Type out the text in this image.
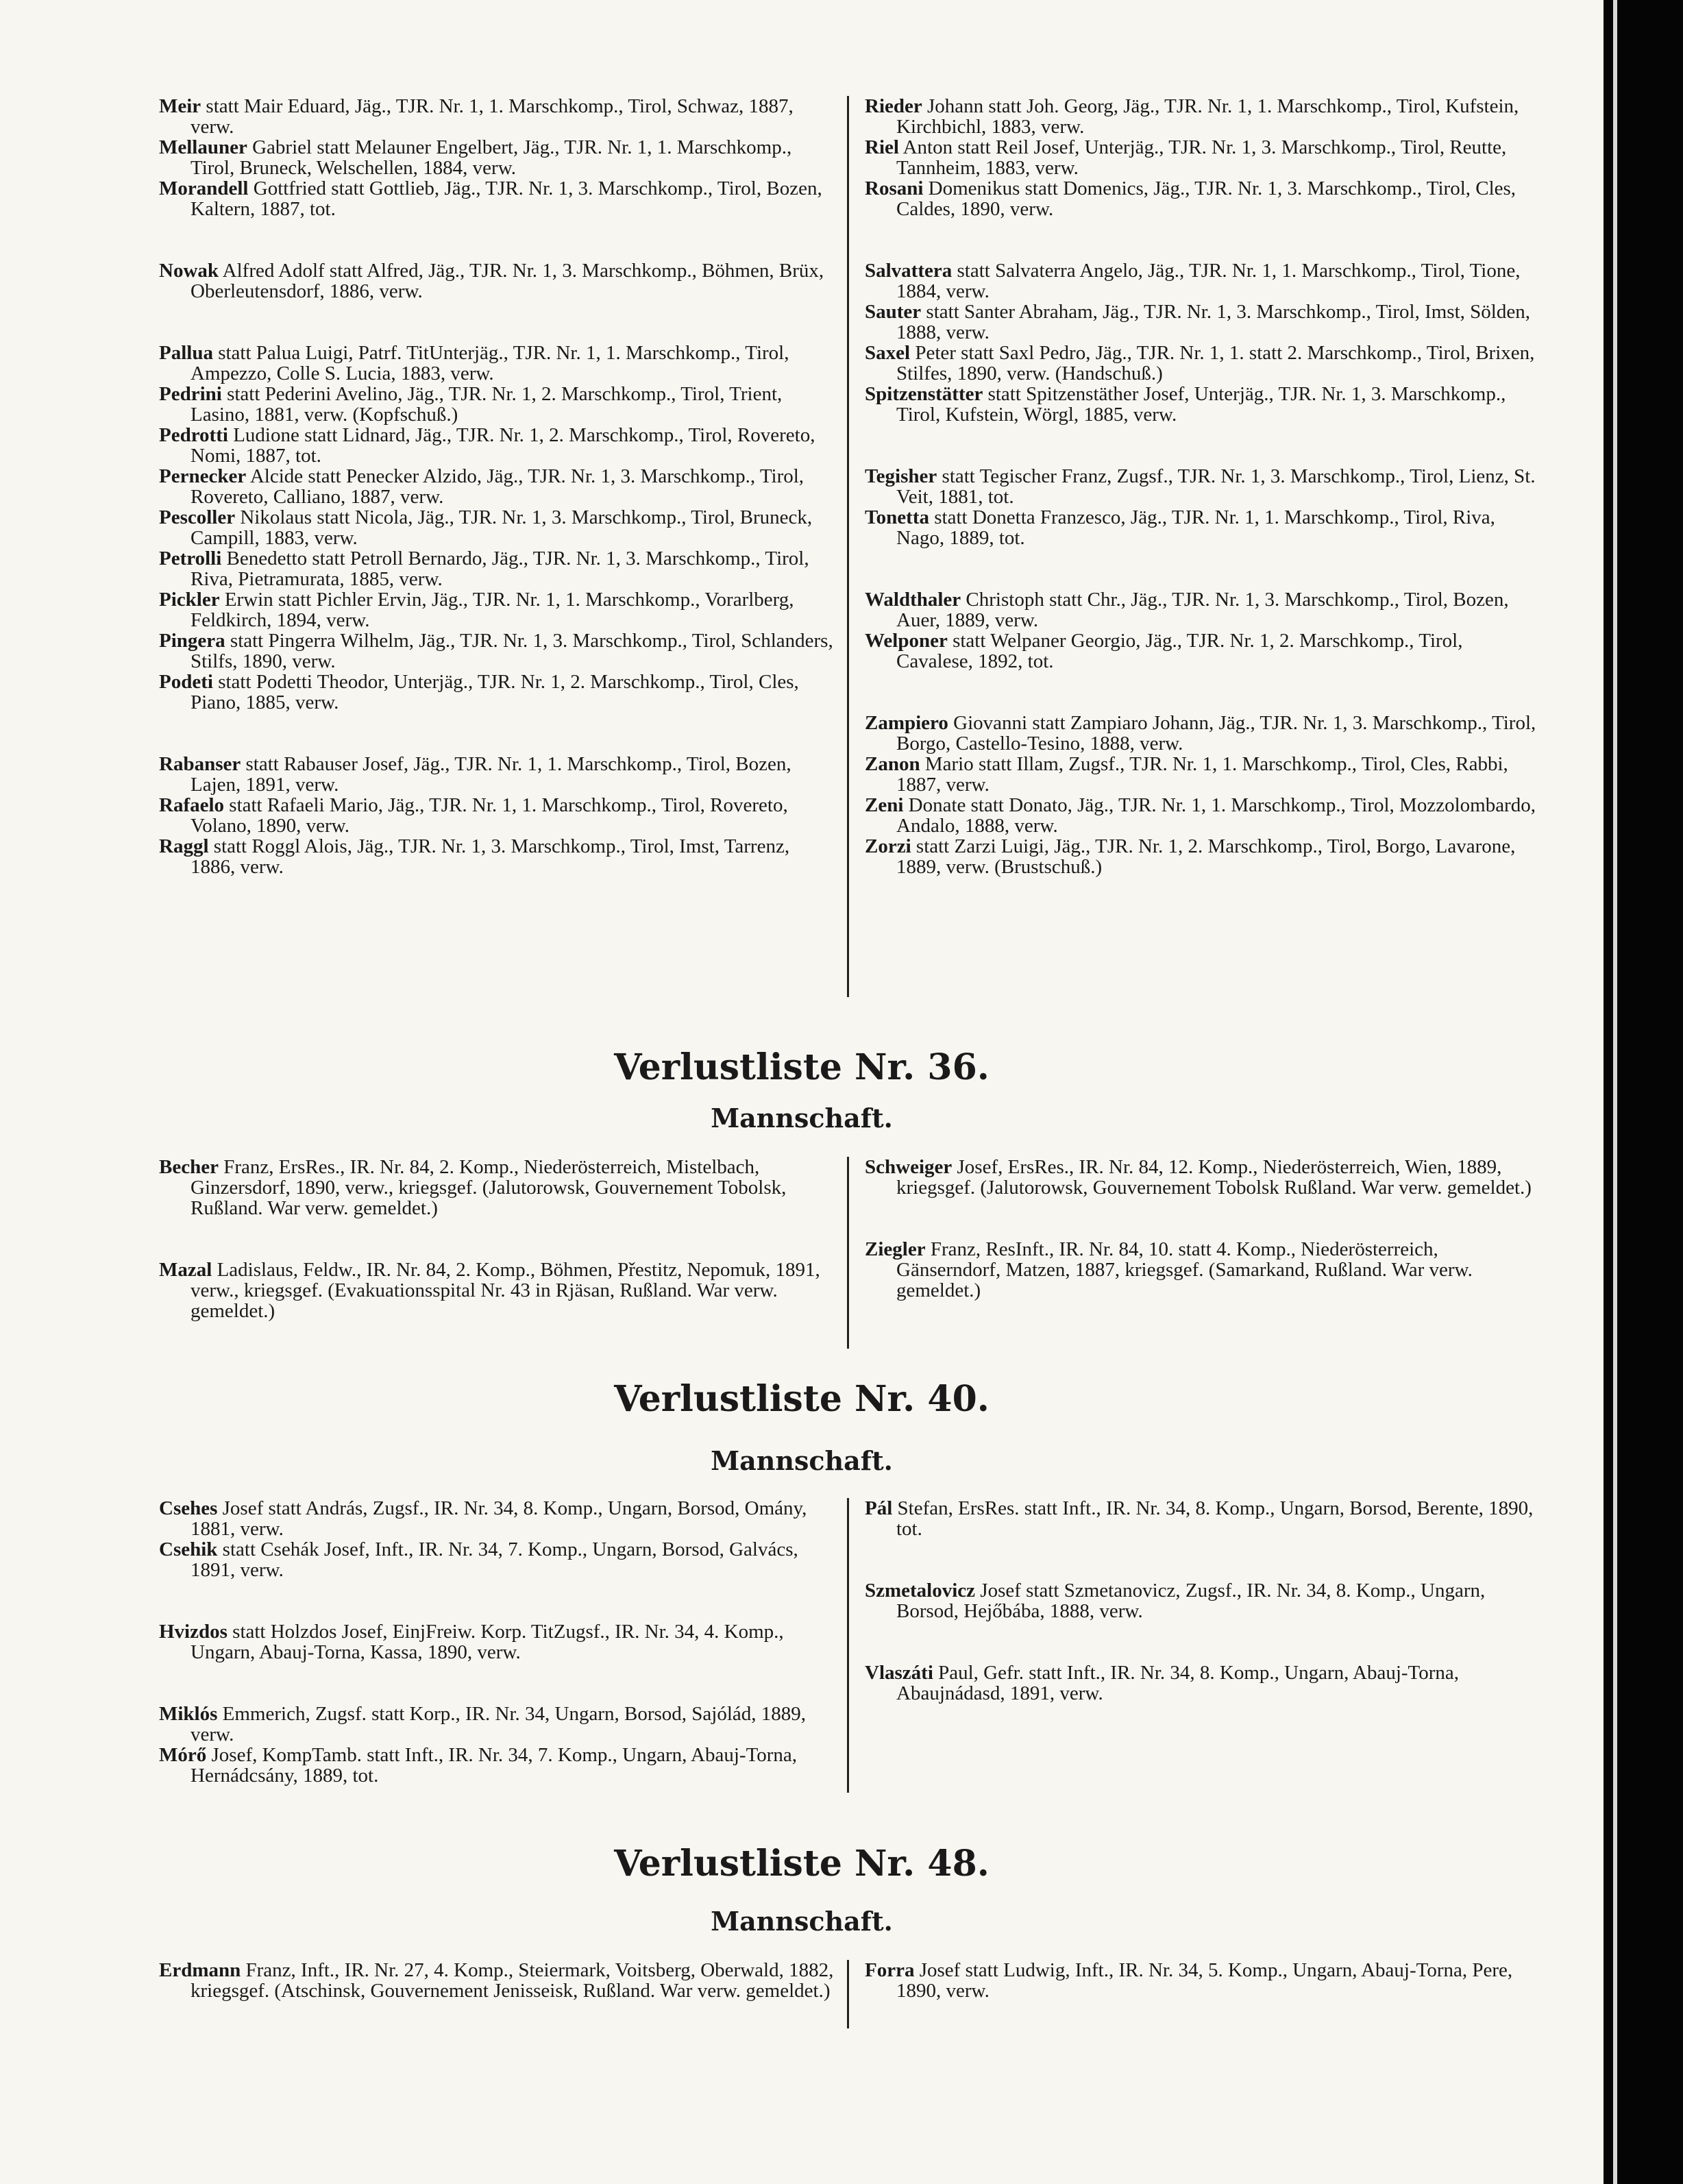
Meir statt Mair Eduard, Jäg., TJR. Nr. 1, 1. Marschkomp., Tirol, Schwaz, 1887, verw.

Mellauner Gabriel statt Melauner Engelbert, Jäg., TJR. Nr. 1, 1. Marschkomp., Tirol, Bruneck, Welschellen, 1884, verw.

Morandell Gottfried statt Gottlieb, Jäg., TJR. Nr. 1, 3. Marschkomp., Tirol, Bozen, Kaltern, 1887, tot.

Nowak Alfred Adolf statt Alfred, Jäg., TJR. Nr. 1, 3. Marschkomp., Böhmen, Brüx, Oberleutensdorf, 1886, verw.

Pallua statt Palua Luigi, Patrf. TitUnterjäg., TJR. Nr. 1, 1. Marschkomp., Tirol, Ampezzo, Colle S. Lucia, 1883, verw.

Pedrini statt Pederini Avelino, Jäg., TJR. Nr. 1, 2. Marschkomp., Tirol, Trient, Lasino, 1881, verw. (Kopfschuß.)

Pedrotti Ludione statt Lidnard, Jäg., TJR. Nr. 1, 2. Marschkomp., Tirol, Rovereto, Nomi, 1887, tot.

Pernecker Alcide statt Penecker Alzido, Jäg., TJR. Nr. 1, 3. Marschkomp., Tirol, Rovereto, Calliano, 1887, verw.

Pescoller Nikolaus statt Nicola, Jäg., TJR. Nr. 1, 3. Marschkomp., Tirol, Bruneck, Campill, 1883, verw.

Petrolli Benedetto statt Petroll Bernardo, Jäg., TJR. Nr. 1, 3. Marschkomp., Tirol, Riva, Pietramurata, 1885, verw.

Pickler Erwin statt Pichler Ervin, Jäg., TJR. Nr. 1, 1. Marschkomp., Vorarlberg, Feldkirch, 1894, verw.

Pingera statt Pingerra Wilhelm, Jäg., TJR. Nr. 1, 3. Marschkomp., Tirol, Schlanders, Stilfs, 1890, verw.

Podeti statt Podetti Theodor, Unterjäg., TJR. Nr. 1, 2. Marschkomp., Tirol, Cles, Piano, 1885, verw.

Rabanser statt Rabauser Josef, Jäg., TJR. Nr. 1, 1. Marschkomp., Tirol, Bozen, Lajen, 1891, verw.

Rafaelo statt Rafaeli Mario, Jäg., TJR. Nr. 1, 1. Marschkomp., Tirol, Rovereto, Volano, 1890, verw.

Raggl statt Roggl Alois, Jäg., TJR. Nr. 1, 3. Marschkomp., Tirol, Imst, Tarrenz, 1886, verw.

Rieder Johann statt Joh. Georg, Jäg., TJR. Nr. 1, 1. Marschkomp., Tirol, Kufstein, Kirchbichl, 1883, verw.

Riel Anton statt Reil Josef, Unterjäg., TJR. Nr. 1, 3. Marschkomp., Tirol, Reutte, Tannheim, 1883, verw.

Rosani Domenikus statt Domenics, Jäg., TJR. Nr. 1, 3. Marschkomp., Tirol, Cles, Caldes, 1890, verw.

Salvattera statt Salvaterra Angelo, Jäg., TJR. Nr. 1, 1. Marschkomp., Tirol, Tione, 1884, verw.

Sauter statt Santer Abraham, Jäg., TJR. Nr. 1, 3. Marschkomp., Tirol, Imst, Sölden, 1888, verw.

Saxel Peter statt Saxl Pedro, Jäg., TJR. Nr. 1, 1. statt 2. Marschkomp., Tirol, Brixen, Stilfes, 1890, verw. (Handschuß.)

Spitzenstätter statt Spitzenstäther Josef, Unterjäg., TJR. Nr. 1, 3. Marschkomp., Tirol, Kufstein, Wörgl, 1885, verw.

Tegisher statt Tegischer Franz, Zugsf., TJR. Nr. 1, 3. Marschkomp., Tirol, Lienz, St. Veit, 1881, tot.

Tonetta statt Donetta Franzesco, Jäg., TJR. Nr. 1, 1. Marschkomp., Tirol, Riva, Nago, 1889, tot.

Waldthaler Christoph statt Chr., Jäg., TJR. Nr. 1, 3. Marschkomp., Tirol, Bozen, Auer, 1889, verw.

Welponer statt Welpaner Georgio, Jäg., TJR. Nr. 1, 2. Marschkomp., Tirol, Cavalese, 1892, tot.

Zampiero Giovanni statt Zampiaro Johann, Jäg., TJR. Nr. 1, 3. Marschkomp., Tirol, Borgo, Castello-Tesino, 1888, verw.

Zanon Mario statt Illam, Zugsf., TJR. Nr. 1, 1. Marschkomp., Tirol, Cles, Rabbi, 1887, verw.

Zeni Donate statt Donato, Jäg., TJR. Nr. 1, 1. Marschkomp., Tirol, Mozzolombardo, Andalo, 1888, verw.

Zorzi statt Zarzi Luigi, Jäg., TJR. Nr. 1, 2. Marschkomp., Tirol, Borgo, Lavarone, 1889, verw. (Brustschuß.)

Verlustliste Nr. 36.
Mannschaft.

Becher Franz, ErsRes., IR. Nr. 84, 2. Komp., Niederösterreich, Mistelbach, Ginzersdorf, 1890, verw., kriegsgef. (Jalutorowsk, Gouvernement Tobolsk, Rußland. War verw. gemeldet.)

Mazal Ladislaus, Feldw., IR. Nr. 84, 2. Komp., Böhmen, Přestitz, Nepomuk, 1891, verw., kriegsgef. (Evakuationsspital Nr. 43 in Rjäsan, Rußland. War verw. gemeldet.)

Schweiger Josef, ErsRes., IR. Nr. 84, 12. Komp., Niederösterreich, Wien, 1889, kriegsgef. (Jalutorowsk, Gouvernement Tobolsk Rußland. War verw. gemeldet.)

Ziegler Franz, ResInft., IR. Nr. 84, 10. statt 4. Komp., Niederösterreich, Gänserndorf, Matzen, 1887, kriegsgef. (Samarkand, Rußland. War verw. gemeldet.)

Verlustliste Nr. 40.
Mannschaft.

Csehes Josef statt András, Zugsf., IR. Nr. 34, 8. Komp., Ungarn, Borsod, Omány, 1881, verw.

Csehik statt Csehák Josef, Inft., IR. Nr. 34, 7. Komp., Ungarn, Borsod, Galvács, 1891, verw.

Hvizdos statt Holzdos Josef, EinjFreiw. Korp. TitZugsf., IR. Nr. 34, 4. Komp., Ungarn, Abauj-Torna, Kassa, 1890, verw.

Miklós Emmerich, Zugsf. statt Korp., IR. Nr. 34, Ungarn, Borsod, Sajólád, 1889, verw.

Mórő Josef, KompTamb. statt Inft., IR. Nr. 34, 7. Komp., Ungarn, Abauj-Torna, Hernádcsány, 1889, tot.

Pál Stefan, ErsRes. statt Inft., IR. Nr. 34, 8. Komp., Ungarn, Borsod, Berente, 1890, tot.

Szmetalovicz Josef statt Szmetanovicz, Zugsf., IR. Nr. 34, 8. Komp., Ungarn, Borsod, Hejőbába, 1888, verw.

Vlaszáti Paul, Gefr. statt Inft., IR. Nr. 34, 8. Komp., Ungarn, Abauj-Torna, Abaujnádasd, 1891, verw.

Verlustliste Nr. 48.
Mannschaft.

Erdmann Franz, Inft., IR. Nr. 27, 4. Komp., Steiermark, Voitsberg, Oberwald, 1882, kriegsgef. (Atschinsk, Gouvernement Jenisseisk, Rußland. War verw. gemeldet.)

Forra Josef statt Ludwig, Inft., IR. Nr. 34, 5. Komp., Ungarn, Abauj-Torna, Pere, 1890, verw.
